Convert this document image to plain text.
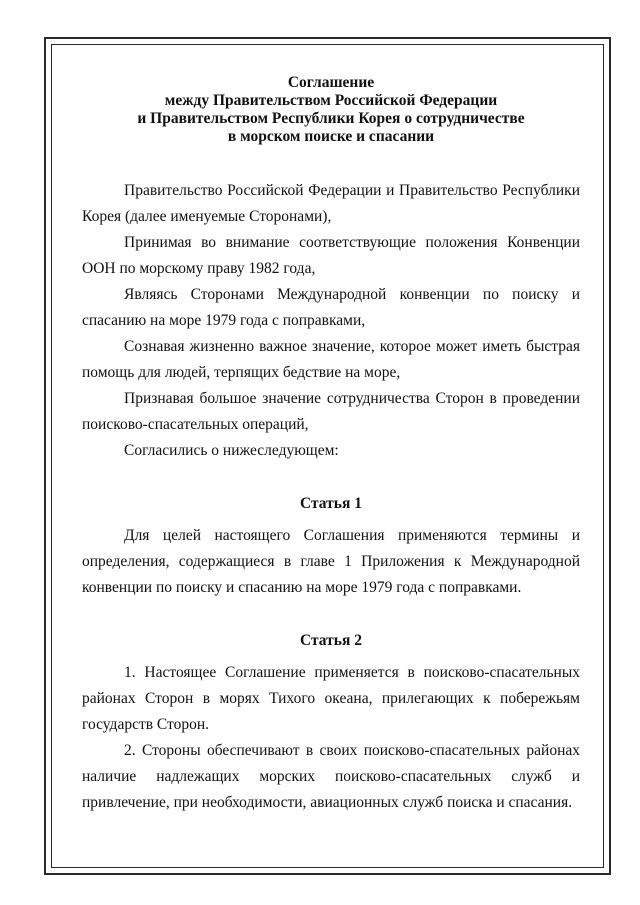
Соглашение
между Правительством Российской Федерации
и Правительством Республики Корея о сотрудничестве
в морском поиске и спасании

Правительство Российской Федерации и Правительство Республики Корея (далее именуемые Сторонами),

Принимая во внимание соответствующие положения Конвенции ООН по морскому праву 1982 года,

Являясь Сторонами Международной конвенции по поиску и спасанию на море 1979 года с поправками,

Сознавая жизненно важное значение, которое может иметь быстрая помощь для людей, терпящих бедствие на море,

Признавая большое значение сотрудничества Сторон в проведении поисково-спасательных операций,

Согласились о нижеследующем:

Статья 1

Для целей настоящего Соглашения применяются термины и определения, содержащиеся в главе 1 Приложения к Международной конвенции по поиску и спасанию на море 1979 года с поправками.

Статья 2

1. Настоящее Соглашение применяется в поисково-спасательных районах Сторон в морях Тихого океана, прилегающих к побережьям государств Сторон.

2. Стороны обеспечивают в своих поисково-спасательных районах наличие надлежащих морских поисково-спасательных служб и привлечение, при необходимости, авиационных служб поиска и спасания.
